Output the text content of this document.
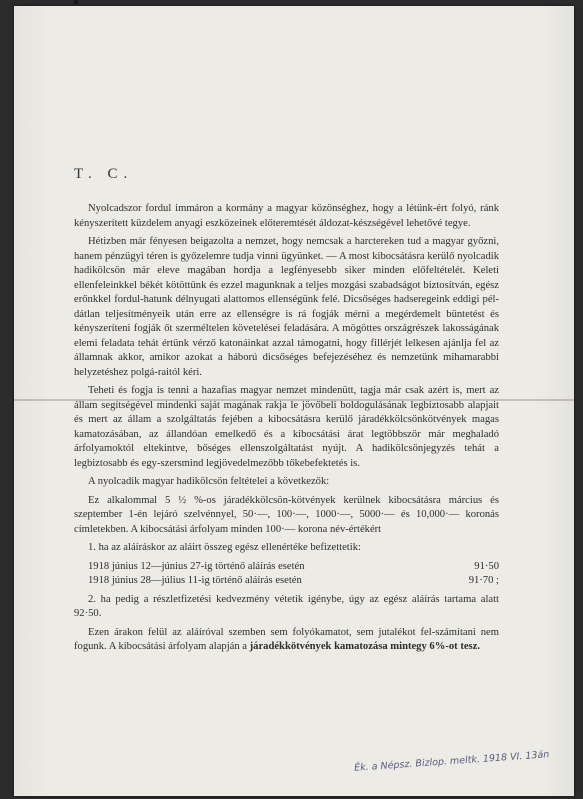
T. C.

Nyolcadszor fordul immáron a kormány a magyar közönséghez, hogy a létünk-ért folyó, ránk kényszerített küzdelem anyagi eszközeinek előteremtését áldozat-készségével lehetővé tegye.

Hétizben már fényesen beigazolta a nemzet, hogy nemcsak a harctereken tud a magyar győzni, hanem pénzügyi téren is győzelemre tudja vinni ügyünket. — A most kibocsátásra kerülő nyolcadik hadikölcsön már eleve magában hordja a legfényesebb siker minden előfeltételét. Keleti ellenfeleinkkel békét kötöttünk és ezzel magunknak a teljes mozgási szabadságot biztosítván, egész erőnkkel fordul-hatunk délnyugati alattomos ellenségünk felé. Dicsőséges hadseregeink eddigi pél-dátlan teljesítményeik után erre az ellenségre is rá fogják mérni a megérdemelt büntetést és kényszeríteni fogják őt szerméltelen követelései feladására. A mögöttes országrészek lakosságának elemi feladata tehát értünk vérző katonáinkat azzal támogatni, hogy fillérjét lelkesen ajánlja fel az államnak akkor, amikor azokat a háború dicsőséges befejezéséhez és nemzetünk mihamarabbi helyzetéshez polgá-raitól kéri.

Teheti és fogja is tenni a hazafias magyar nemzet mindenütt, tagja már csak azért is, mert az állam segítségével mindenki saját magának rakja le jövőbeli boldogulásának legbiztosabb alapjait és mert az állam a szolgáltatás fejében a kibocsátásra kerülő járadékkölcsönkötvények magas kamatozásában, az állandóan emelkedő és a kibocsátási árat legtöbbször már meghaladó árfolyamoktól eltekintve, bőséges ellenszolgáltatást nyújt. A hadikölcsönjegyzés tehát a legbiztosabb és egy-szersmind legjövedelmezőbb tőkebefektetés is.

A nyolcadik magyar hadikölcsön feltételei a következők:

Ez alkalommal 5 ½ %-os járadékkölcsön-kötvények kerülnek kibocsátásra március és szeptember 1-én lejáró szelvénnyel, 50·—, 100·—, 1000·—, 5000·— és 10,000·— koronás címletekben. A kibocsátási árfolyam minden 100·— korona név-értékért

1. ha az aláíráskor az aláirt összeg egész ellenértéke befizettetik:

1918 június 12—június 27-ig történő aláírás esetén	91·50
1918 június 28—július 11-ig történő aláírás esetén	91·70 ;

2. ha pedig a részletfizetési kedvezmény vétetik igénybe, úgy az egész aláírás tartama alatt 92·50.

Ezen árakon felül az aláíróval szemben sem folyókamatot, sem jutalékot fel-számítani nem fogunk. A kibocsátási árfolyam alapján a járadékkötvények kamatozása mintegy 6%-ot tesz.

Ék. a Népsz. Bizlop. meltk. 1918 VI. 13án
